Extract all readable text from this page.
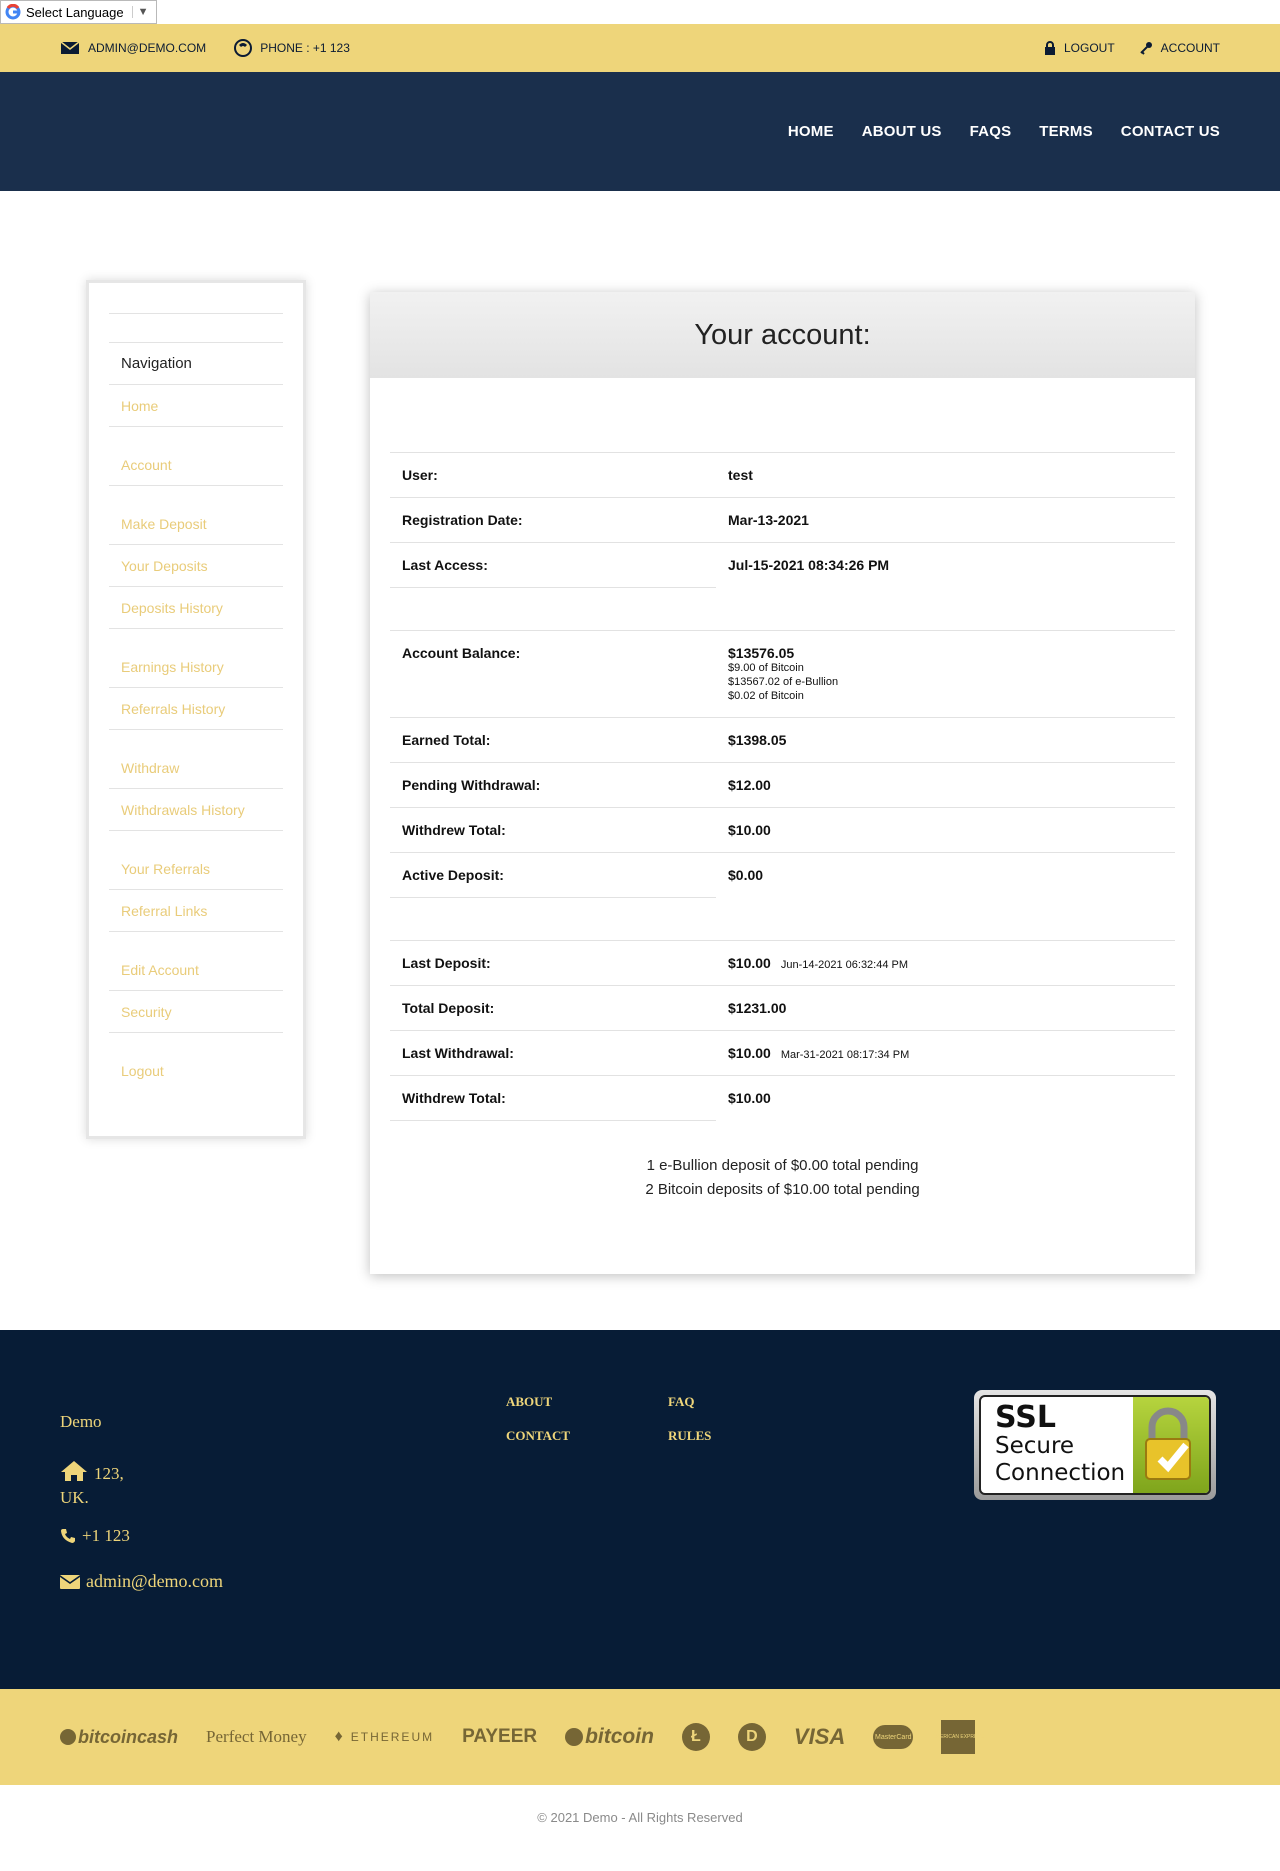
Select Language	▼
ADMIN@DEMO.COM	PHONE : +1 123	LOGOUT	ACCOUNT
HOME ABOUT US FAQS TERMS CONTACT US
Navigation
Home
Account
Make Deposit
Your Deposits
Deposits History
Earnings History
Referrals History
Withdraw
Withdrawals History
Your Referrals
Referral Links
Edit Account
Security
Logout
Your account:
User:	test
Registration Date:	Mar-13-2021
Last Access:	Jul-15-2021 08:34:26 PM
Account Balance:	$13576.05
$9.00 of Bitcoin
$13567.02 of e-Bullion
$0.02 of Bitcoin
Earned Total:	$1398.05
Pending Withdrawal:	$12.00
Withdrew Total:	$10.00
Active Deposit:	$0.00
Last Deposit:	$10.00 Jun-14-2021 06:32:44 PM
Total Deposit:	$1231.00
Last Withdrawal:	$10.00 Mar-31-2021 08:17:34 PM
Withdrew Total:	$10.00
1 e-Bullion deposit of $0.00 total pending
2 Bitcoin deposits of $10.00 total pending
Demo
123,
UK.
+1 123
admin@demo.com
ABOUT	FAQ
CONTACT	RULES
SSL
Secure
Connection
bitcoincash Perfect Money ♦ ETHEREUM PAYEER bitcoin	Ł	D	VISA	MasterCard	AMERICAN EXPRESS
© 2021 Demo - All Rights Reserved
